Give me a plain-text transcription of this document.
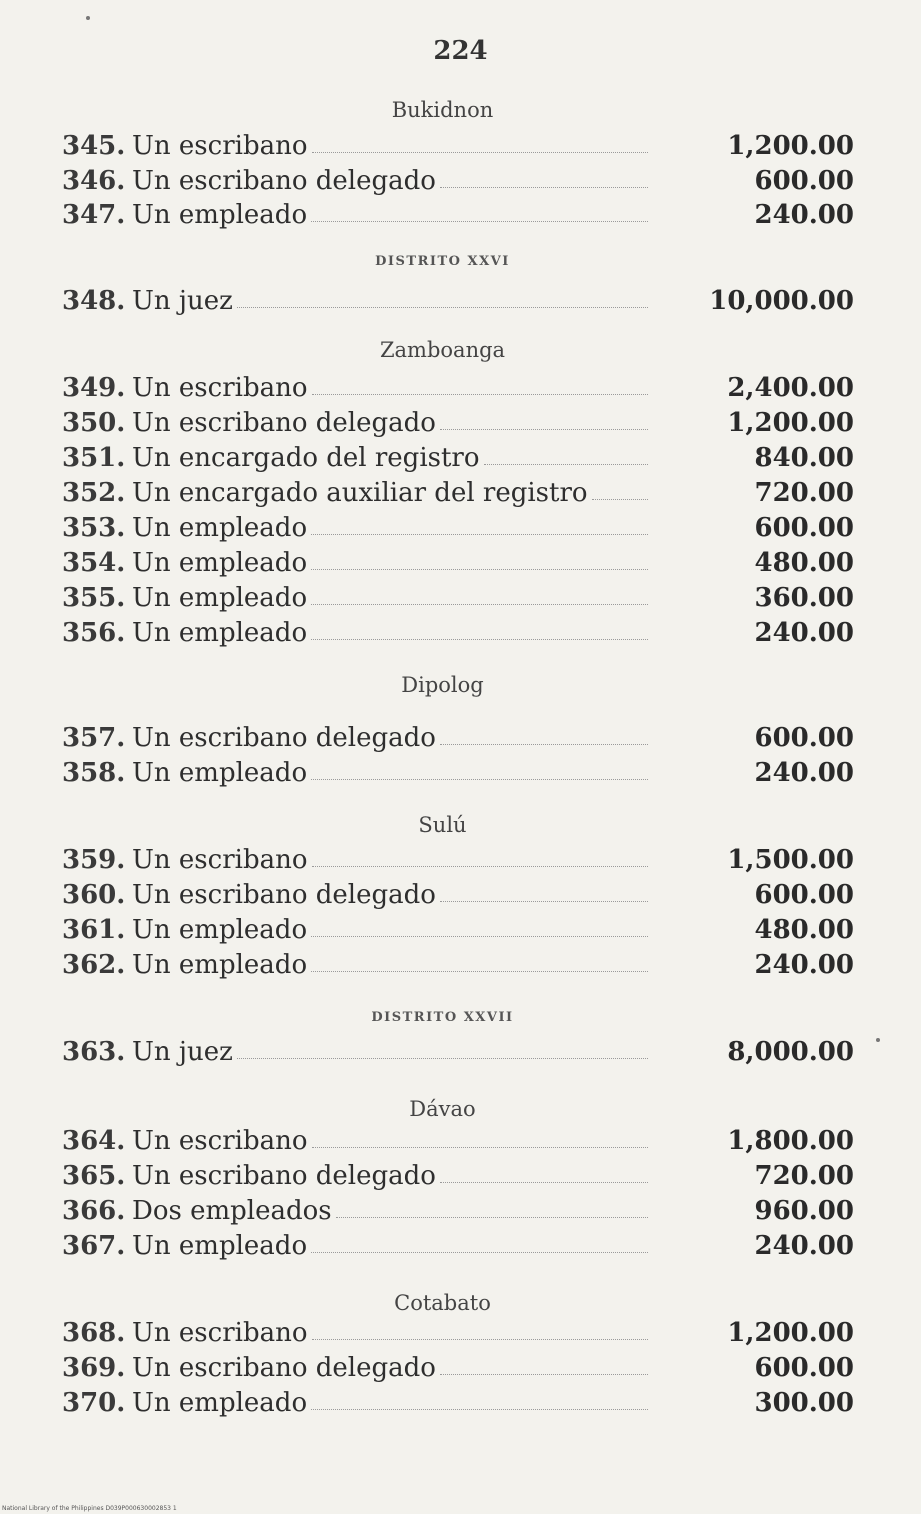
224
Bukidnon
345. Un escribano	1,200.00
346. Un escribano delegado	600.00
347. Un empleado	240.00
DISTRITO XXVI
348. Un juez	10,000.00
Zamboanga
349. Un escribano	2,400.00
350. Un escribano delegado	1,200.00
351. Un encargado del registro	840.00
352. Un encargado auxiliar del registro	720.00
353. Un empleado	600.00
354. Un empleado	480.00
355. Un empleado	360.00
356. Un empleado	240.00
Dipolog
357. Un escribano delegado	600.00
358. Un empleado	240.00
Sulú
359. Un escribano	1,500.00
360. Un escribano delegado	600.00
361. Un empleado	480.00
362. Un empleado	240.00
DISTRITO XXVII
363. Un juez	8,000.00
Dávao
364. Un escribano	1,800.00
365. Un escribano delegado	720.00
366. Dos empleados	960.00
367. Un empleado	240.00
Cotabato
368. Un escribano	1,200.00
369. Un escribano delegado	600.00
370. Un empleado	300.00
National Library of the Philippines D039P000630002853 1
